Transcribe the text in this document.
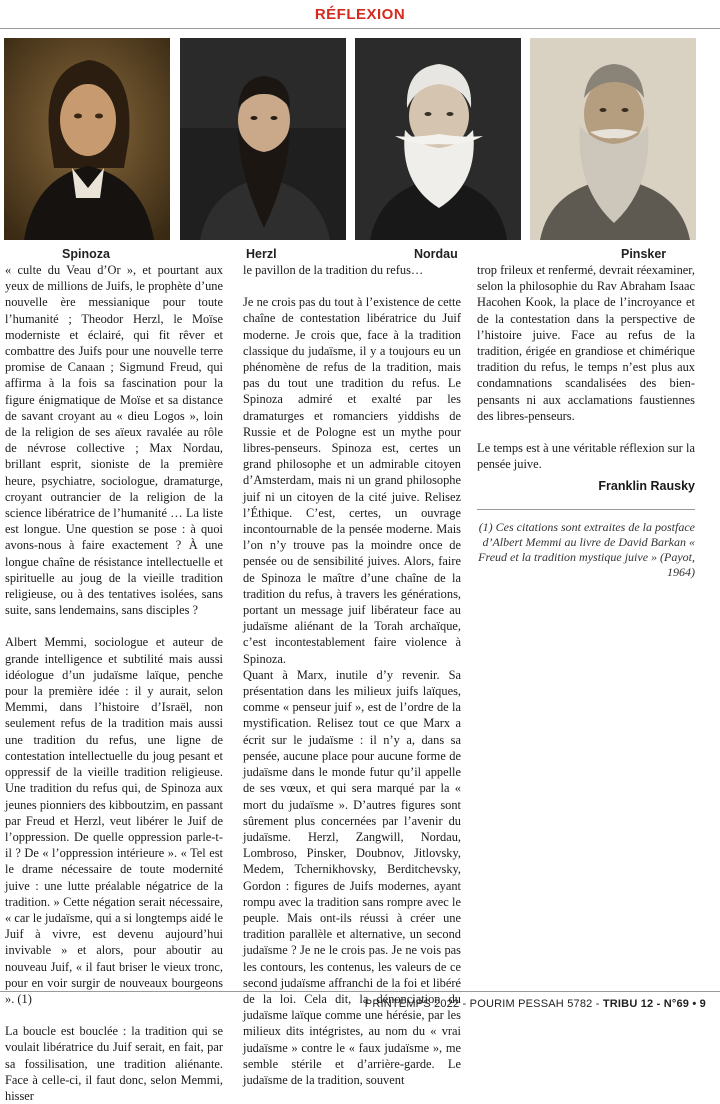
RÉFLEXION
Spinoza	Herzl	Nordau	Pinsker

« culte du Veau d’Or », et pourtant aux yeux de millions de Juifs, le prophète d’une nouvelle ère messianique pour toute l’humanité ; Theodor Herzl, le Moïse moderniste et éclairé, qui fit rêver et combattre des Juifs pour une nouvelle terre promise de Canaan ; Sigmund Freud, qui affirma à la fois sa fascination pour la figure énigmatique de Moïse et sa distance de savant croyant au « dieu Logos », loin de la religion de ses aïeux ravalée au rôle de névrose collective ; Max Nordau, brillant esprit, sioniste de la première heure, psychiatre, sociologue, dramaturge, croyant outrancier de la religion de la science libératrice de l’humanité … La liste est longue. Une question se pose : à quoi avons-nous à faire exactement ? À une longue chaîne de résistance intellectuelle et spirituelle au joug de la vieille tradition religieuse, ou à des tentatives isolées, sans suite, sans lendemains, sans disciples ?

Albert Memmi, sociologue et auteur de grande intelligence et subtilité mais aussi idéologue d’un judaïsme laïque, penche pour la première idée : il y aurait, selon Memmi, dans l’histoire d’Israël, non seulement refus de la tradition mais aussi une tradition du refus, une ligne de contestation intellectuelle du joug pesant et oppressif de la vieille tradition religieuse. Une tradition du refus qui, de Spinoza aux jeunes pionniers des kibboutzim, en passant par Freud et Herzl, veut libérer le Juif de l’oppression. De quelle oppression parle-t-il ? De « l’oppression intérieure ». « Tel est le drame nécessaire de toute modernité juive : une lutte préalable négatrice de la tradition. » Cette négation serait nécessaire, « car le judaïsme, qui a si longtemps aidé le Juif à vivre, est devenu aujourd’hui invivable » et alors, pour aboutir au nouveau Juif, « il faut briser le vieux tronc, pour en voir surgir de nouveaux bourgeons ». (1)

La boucle est bouclée : la tradition qui se voulait libératrice du Juif serait, en fait, par sa fossilisation, une tradition aliénante. Face à celle-ci, il faut donc, selon Memmi, hisser

le pavillon de la tradition du refus…

Je ne crois pas du tout à l’existence de cette chaîne de contestation libératrice du Juif moderne. Je crois que, face à la tradition classique du judaïsme, il y a toujours eu un phénomène de refus de la tradition, mais pas du tout une tradition du refus. Le Spinoza admiré et exalté par les dramaturges et romanciers yiddishs de Russie et de Pologne est un mythe pour libres-penseurs. Spinoza est, certes un grand philosophe et un admirable citoyen d’Amsterdam, mais ni un grand philosophe juif ni un citoyen de la cité juive. Relisez l’Éthique. C’est, certes, un ouvrage incontournable de la pensée moderne. Mais l’on n’y trouve pas la moindre once de pensée ou de sensibilité juives. Alors, faire de Spinoza le maître d’une chaîne de la tradition du refus, à travers les générations, portant un message juif libérateur face au judaïsme aliénant de la Torah archaïque, c’est incontestablement faire violence à Spinoza.

Quant à Marx, inutile d’y revenir. Sa présentation dans les milieux juifs laïques, comme « penseur juif », est de l’ordre de la mystification. Relisez tout ce que Marx a écrit sur le judaïsme : il n’y a, dans sa pensée, aucune place pour aucune forme de judaïsme dans le monde futur qu’il appelle de ses vœux, et qui sera marqué par la « mort du judaïsme ». D’autres figures sont sûrement plus concernées par l’avenir du judaïsme. Herzl, Zangwill, Nordau, Lombroso, Pinsker, Doubnov, Jitlovsky, Medem, Tchernikhovsky, Berditchevsky, Gordon : figures de Juifs modernes, ayant rompu avec la tradition sans rompre avec le peuple. Mais ont-ils réussi à créer une tradition parallèle et alternative, un second judaïsme ? Je ne le crois pas. Je ne vois pas les contours, les contenus, les valeurs de ce second judaïsme affranchi de la foi et libéré de la loi. Cela dit, la dénonciation du judaïsme laïque comme une hérésie, par les milieux dits intégristes, au nom du « vrai judaïsme » contre le « faux judaïsme », me semble stérile et d’arrière-garde. Le judaïsme de la tradition, souvent

trop frileux et renfermé, devrait réexaminer, selon la philosophie du Rav Abraham Isaac Hacohen Kook, la place de l’incroyance et de la contestation dans la perspective de l’histoire juive. Face au refus de la tradition, érigée en grandiose et chimérique tradition du refus, le temps n’est plus aux condamnations scandalisées des bien-pensants ni aux acclamations faustiennes des libres-penseurs.

Le temps est à une véritable réflexion sur la pensée juive.

Franklin Rausky
(1) Ces citations sont extraites de la postface d’Albert Memmi au livre de David Barkan « Freud et la tradition mystique juive » (Payot, 1964)
PRINTEMPS 2022 - POURIM PESSAH 5782 - TRIBU 12 - N°69 • 9
